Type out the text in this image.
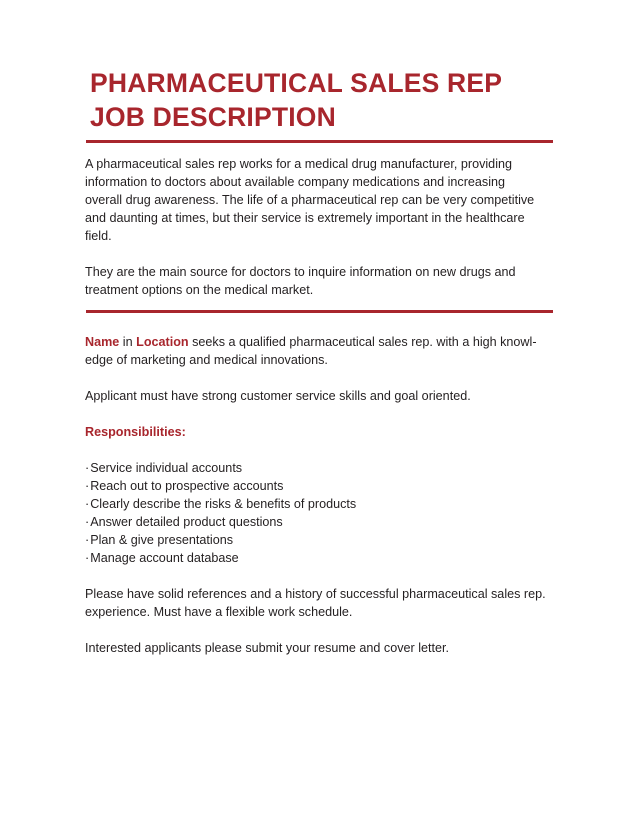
PHARMACEUTICAL SALES REP
JOB DESCRIPTION

A pharmaceutical sales rep works for a medical drug manufacturer, providing
information to doctors about available company medications and increasing
overall drug awareness. The life of a pharmaceutical rep can be very competitive
and daunting at times, but their service is extremely important in the healthcare
field.

They are the main source for doctors to inquire information on new drugs and
treatment options on the medical market.

Name in Location seeks a qualified pharmaceutical sales rep. with a high knowl-
edge of marketing and medical innovations.

Applicant must have strong customer service skills and goal oriented.

Responsibilities:

·Service individual accounts
·Reach out to prospective accounts
·Clearly describe the risks & benefits of products
·Answer detailed product questions
·Plan & give presentations
·Manage account database

Please have solid references and a history of successful pharmaceutical sales rep.
experience. Must have a flexible work schedule.

Interested applicants please submit your resume and cover letter.
